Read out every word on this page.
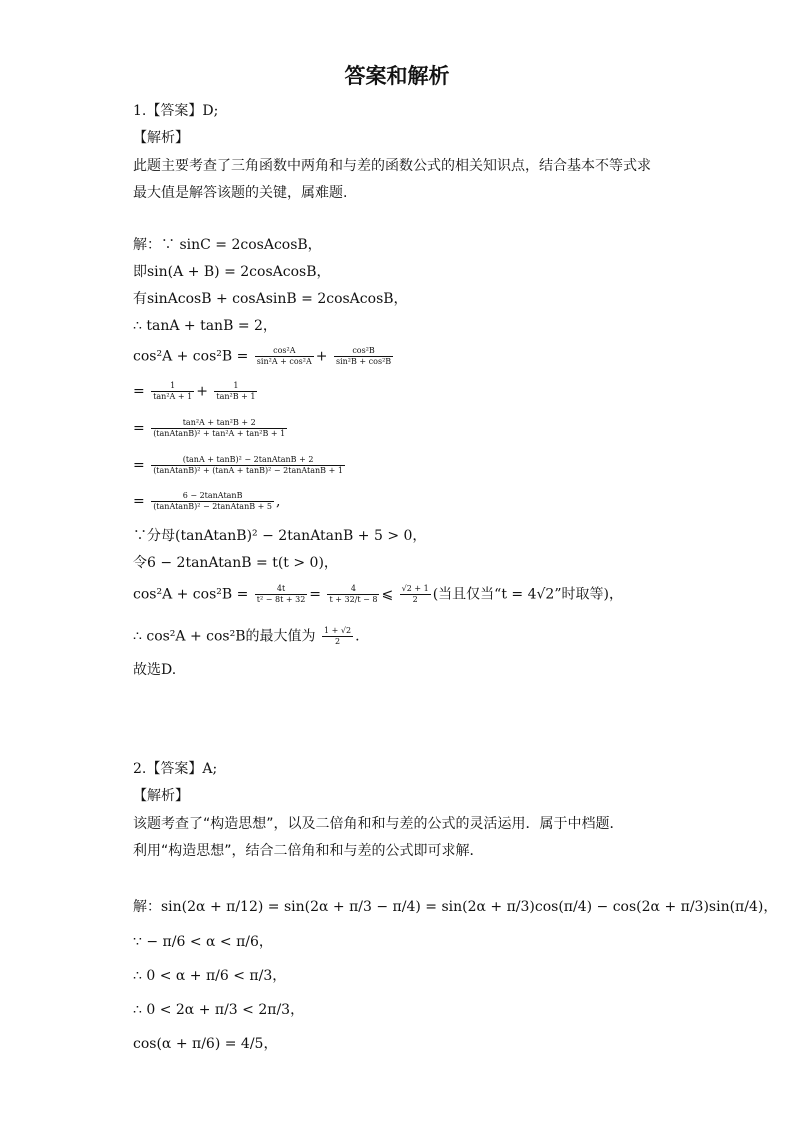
答案和解析
1.【答案】D;
【解析】
此题主要考查了三角函数中两角和与差的函数公式的相关知识点，结合基本不等式求
最大值是解答该题的关键，属难题.
解：∵ sinC = 2cosAcosB，
即sin(A + B) = 2cosAcosB，
有sinAcosB + cosAsinB = 2cosAcosB，
∴ tanA + tanB = 2，
$\cos^2A + \cos^2B = \frac{\text{cos²A}}{\text{sin²A + cos²A}} + \frac{\text{cos²B}}{\text{sin²B + cos²B}}$
= $\frac{1}{\text{tan²A + 1}} + \frac{1}{\text{tan²B + 1}}$
= $\frac{\text{tan²A + tan²B + 2}}{\text{(tanAtanB)² + tan²A + tan²B + 1}}$
= $\frac{\text{(tanA + tanB)² − 2tanAtanB + 2}}{\text{(tanAtanB)² + (tanA + tanB)² − 2tanAtanB + 1}}$
= $\frac{\text{6 − 2tanAtanB}}{\text{(tanAtanB)² − 2tanAtanB + 5}}$ ,
∵分母(tanAtanB)² − 2tanAtanB + 5 > 0，
令6 − 2tanAtanB = t(t > 0)，
$\cos^2A + \cos^2B = \frac{4t}{\text{t² − 8t + 32}} = \frac{4}{t + 32/t - 8}$ ⩽ $\frac{√2 + 1}{2}$ (当且仅当“t = 4√2”时取等)，
∴ cos²A + cos²B的最大值为 $\frac{1 + √2}{2}$ .
故选D.
2.【答案】A;
【解析】
该题考查了“构造思想”，以及二倍角和和与差的公式的灵活运用．属于中档题．
利用“构造思想”，结合二倍角和和与差的公式即可求解．
解：sin(2α + π/12) = sin(2α + π/3 − π/4) = sin(2α + π/3)cos(π/4) − cos(2α + π/3)sin(π/4)，
∵ − π/6 < α < π/6，
∴ 0 < α + π/6 < π/3，
∴ 0 < 2α + π/3 < 2π/3，
cos(α + π/6) = 4/5，
